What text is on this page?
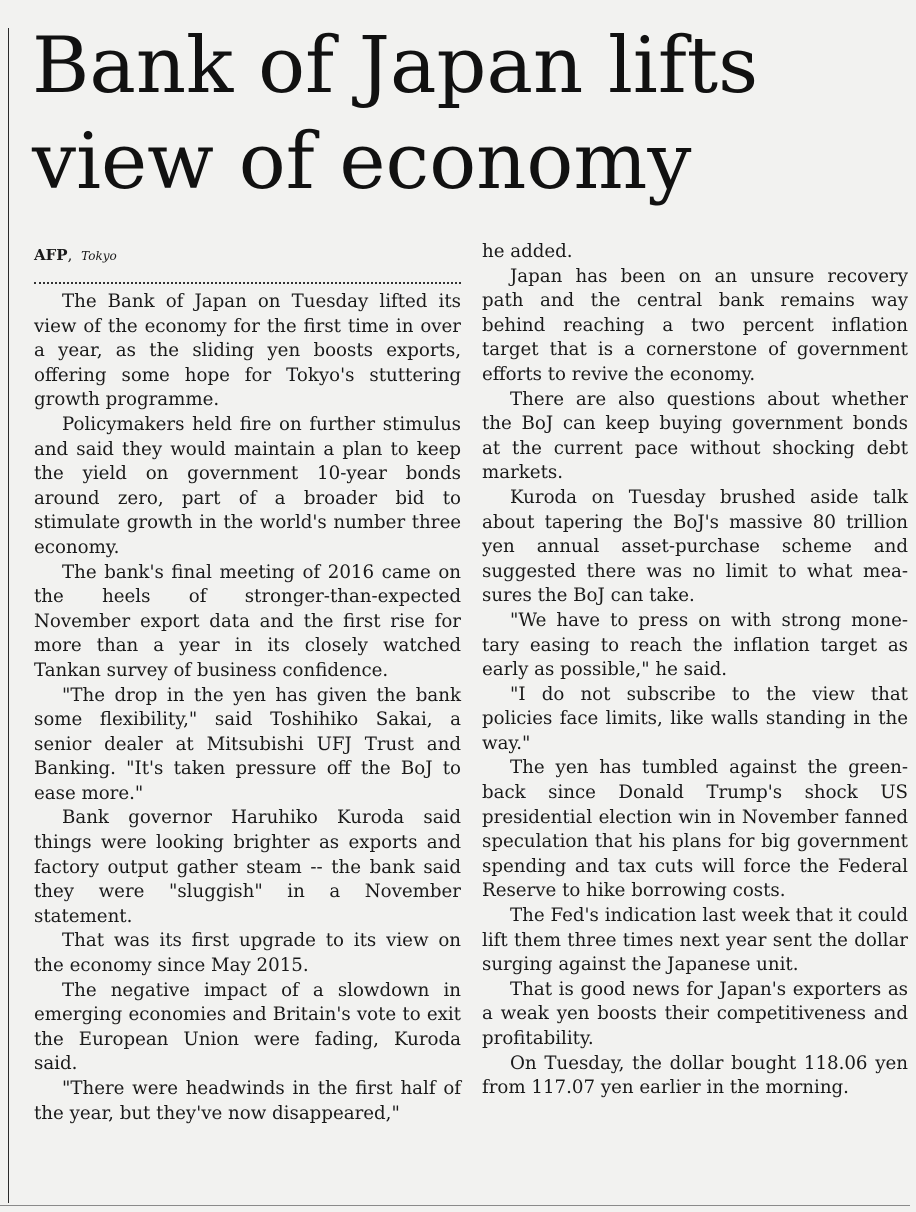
Bank of Japan lifts view of economy
AFP, Tokyo

The Bank of Japan on Tuesday lifted its view of the economy for the first time in over a year, as the sliding yen boosts exports, offering some hope for Tokyo's stuttering growth programme.

Policymakers held fire on further stimulus and said they would maintain a plan to keep the yield on government 10-year bonds around zero, part of a broader bid to stimulate growth in the world's number three economy.

The bank's final meeting of 2016 came on the heels of stronger-than-expected November export data and the first rise for more than a year in its closely watched Tankan survey of business confidence.

"The drop in the yen has given the bank some flexibility," said Toshihiko Sakai, a senior dealer at Mitsubishi UFJ Trust and Banking. "It's taken pressure off the BoJ to ease more."

Bank governor Haruhiko Kuroda said things were looking brighter as exports and factory output gather steam -- the bank said they were "sluggish" in a November statement.

That was its first upgrade to its view on the economy since May 2015.

The negative impact of a slowdown in emerging economies and Britain's vote to exit the European Union were fading, Kuroda said.

"There were headwinds in the first half of the year, but they've now disappeared,"

he added.

Japan has been on an unsure recovery path and the central bank remains way behind reaching a two percent inflation target that is a cornerstone of government efforts to revive the economy.

There are also questions about whether the BoJ can keep buying government bonds at the current pace without shocking debt markets.

Kuroda on Tuesday brushed aside talk about tapering the BoJ's massive 80 trillion yen annual asset-purchase scheme and suggested there was no limit to what measures the BoJ can take.

"We have to press on with strong monetary easing to reach the inflation target as early as possible," he said.

"I do not subscribe to the view that policies face limits, like walls standing in the way."

The yen has tumbled against the greenback since Donald Trump's shock US presidential election win in November fanned speculation that his plans for big government spending and tax cuts will force the Federal Reserve to hike borrowing costs.

The Fed's indication last week that it could lift them three times next year sent the dollar surging against the Japanese unit.

That is good news for Japan's exporters as a weak yen boosts their competitiveness and profitability.

On Tuesday, the dollar bought 118.06 yen from 117.07 yen earlier in the morning.
